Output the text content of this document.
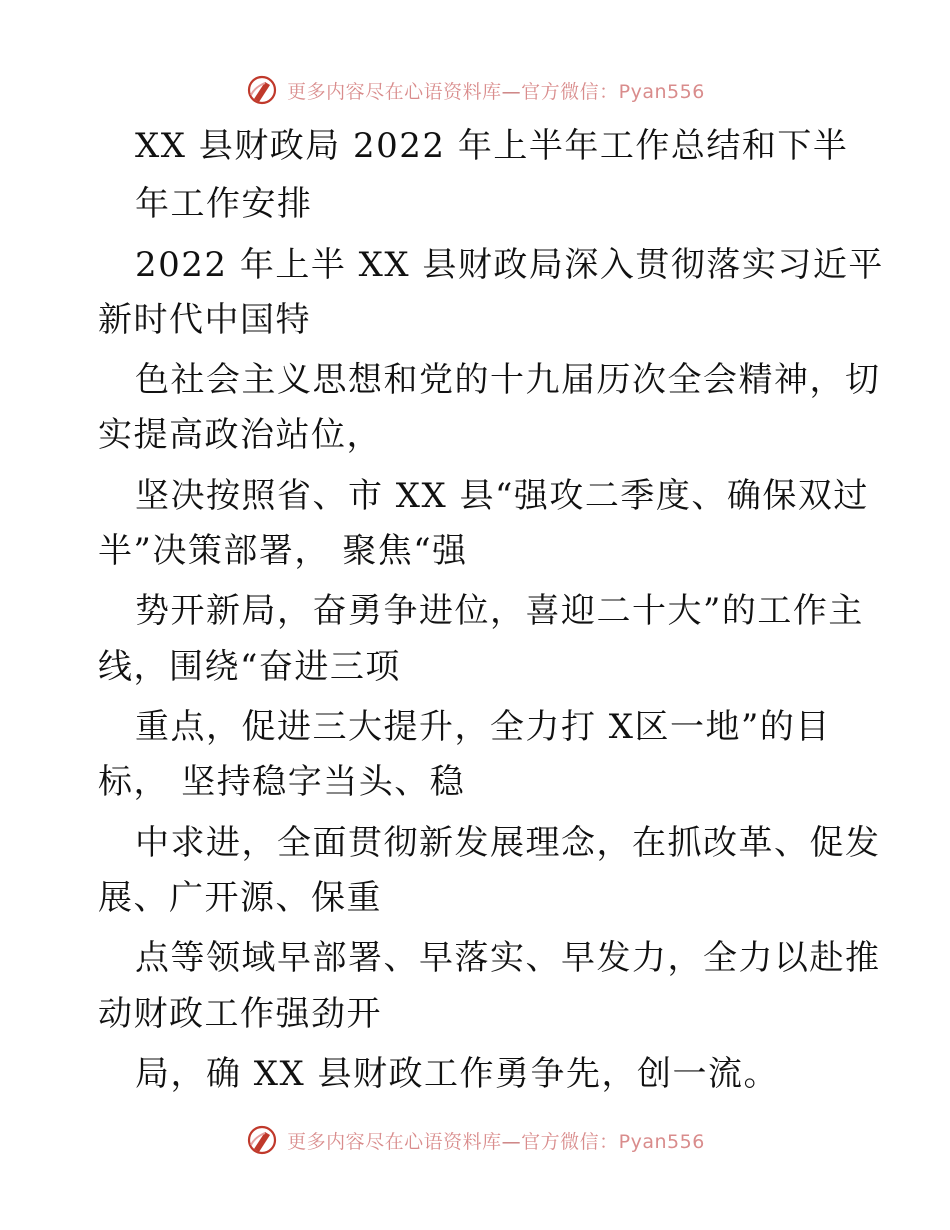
更多内容尽在心语资料库—官方微信：Pyan556
XX 县财政局 2022 年上半年工作总结和下半
年工作安排
2022 年上半 XX 县财政局深入贯彻落实习近平
新时代中国特
色社会主义思想和党的十九届历次全会精神，切
实提高政治站位，
坚决按照省、市 XX 县“强攻二季度、确保双过
半”决策部署， 聚焦“强
势开新局，奋勇争进位，喜迎二十大”的工作主
线，围绕“奋进三项
重点，促进三大提升，全力打 X区一地”的目
标， 坚持稳字当头、稳
中求进，全面贯彻新发展理念，在抓改革、促发
展、广开源、保重
点等领域早部署、早落实、早发力，全力以赴推
动财政工作强劲开
局，确 XX 县财政工作勇争先，创一流。
更多内容尽在心语资料库—官方微信：Pyan556
